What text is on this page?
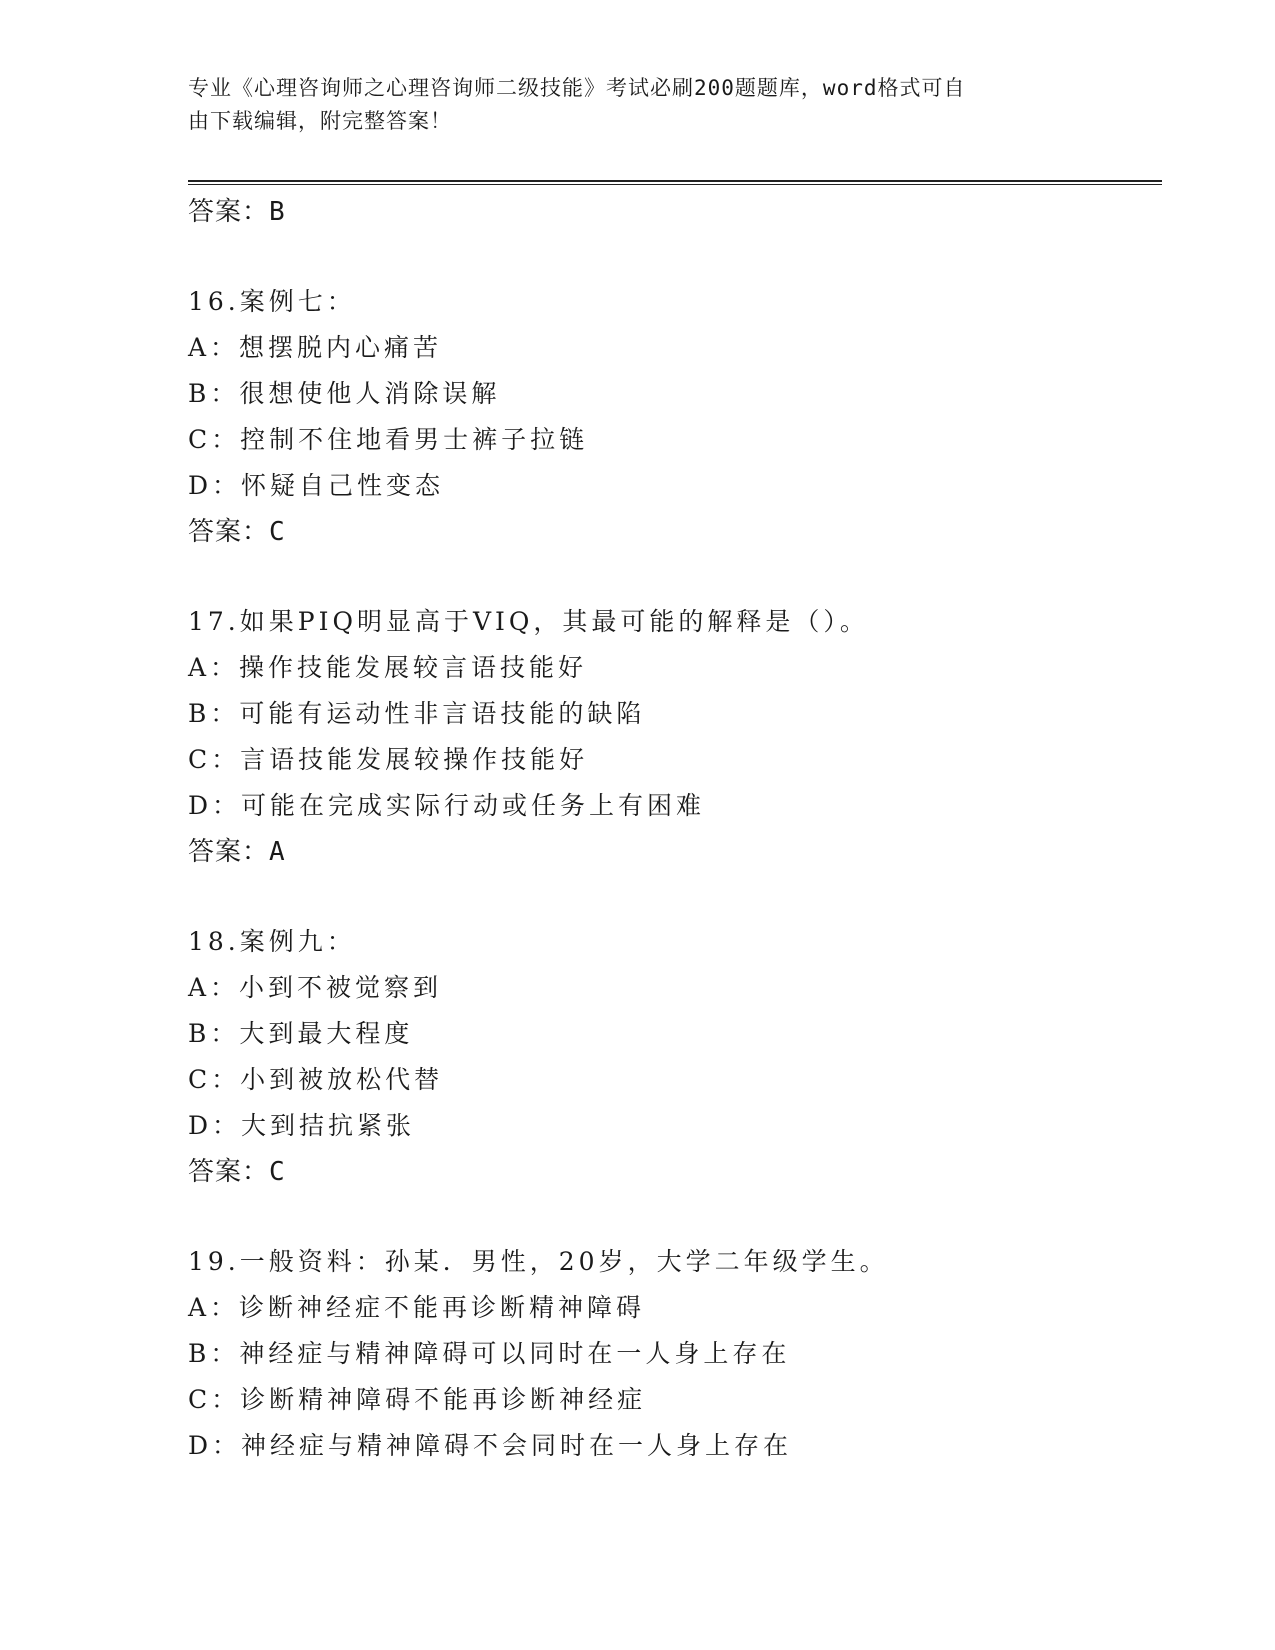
专业《心理咨询师之心理咨询师二级技能》考试必刷200题题库，word格式可自
由下载编辑，附完整答案！
答案：B
16.案例七：
A：想摆脱内心痛苦
B：很想使他人消除误解
C：控制不住地看男士裤子拉链
D：怀疑自己性变态
答案：C
17.如果PIQ明显高于VIQ，其最可能的解释是（）。
A：操作技能发展较言语技能好
B：可能有运动性非言语技能的缺陷
C：言语技能发展较操作技能好
D：可能在完成实际行动或任务上有困难
答案：A
18.案例九：
A：小到不被觉察到
B：大到最大程度
C：小到被放松代替
D：大到拮抗紧张
答案：C
19.一般资料：孙某．男性，20岁，大学二年级学生。
A：诊断神经症不能再诊断精神障碍
B：神经症与精神障碍可以同时在一人身上存在
C：诊断精神障碍不能再诊断神经症
D：神经症与精神障碍不会同时在一人身上存在
